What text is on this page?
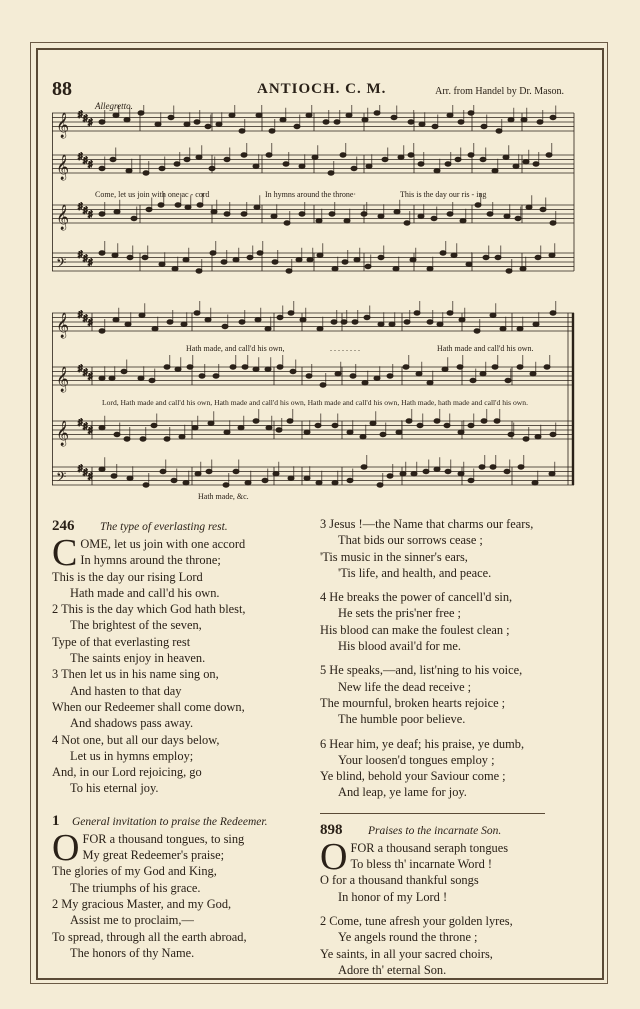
88	ANTIOCH. C. M.	Arr. from Handel by Dr. Mason.
Allegretto.
♯ ♯ ♯
♯ ♯ ♯
♯ ♯ ♯
♯ ♯ ♯
♯ ♯ ♯
♯ ♯ ♯
♯ ♯ ♯
♯ ♯ ♯
𝄞
𝄞
𝄞
𝄢
𝄞
𝄞
𝄞
𝄢
Come, let us join with one ac - cord	In hymns around the throne·	This is the day our ris - ing
Hath made, and call'd his own,	. . . . . . . .	Hath made and call'd his own.
Lord, Hath made and call'd his own, Hath made and call'd his own, Hath made and call'd his own, Hath made, hath made and call'd his own.
Hath made, &c.
246 The type of everlasting rest.
C OME, let us join with one accord
In hymns around the throne;
This is the day our rising Lord
Hath made and call'd his own.
2 This is the day which God hath blest,
The brightest of the seven,
Type of that everlasting rest
The saints enjoy in heaven.
3 Then let us in his name sing on,
And hasten to that day
When our Redeemer shall come down,
And shadows pass away.
4 Not one, but all our days below,
Let us in hymns employ;
And, in our Lord rejoicing, go
To his eternal joy.
1 General invitation to praise the Redeemer.
O FOR a thousand tongues, to sing
My great Redeemer's praise;
The glories of my God and King,
The triumphs of his grace.
2 My gracious Master, and my God,
Assist me to proclaim,—
To spread, through all the earth abroad,
The honors of thy Name.
3 Jesus !—the Name that charms our fears,
That bids our sorrows cease ;
'Tis music in the sinner's ears,
'Tis life, and health, and peace.
4 He breaks the power of cancell'd sin,
He sets the pris'ner free ;
His blood can make the foulest clean ;
His blood avail'd for me.
5 He speaks,—and, list'ning to his voice,
New life the dead receive ;
The mournful, broken hearts rejoice ;
The humble poor believe.
6 Hear him, ye deaf; his praise, ye dumb,
Your loosen'd tongues employ ;
Ye blind, behold your Saviour come ;
And leap, ye lame for joy.
898 Praises to the incarnate Son.
O FOR a thousand seraph tongues
To bless th' incarnate Word !
O for a thousand thankful songs
In honor of my Lord !
2 Come, tune afresh your golden lyres,
Ye angels round the throne ;
Ye saints, in all your sacred choirs,
Adore th' eternal Son.
